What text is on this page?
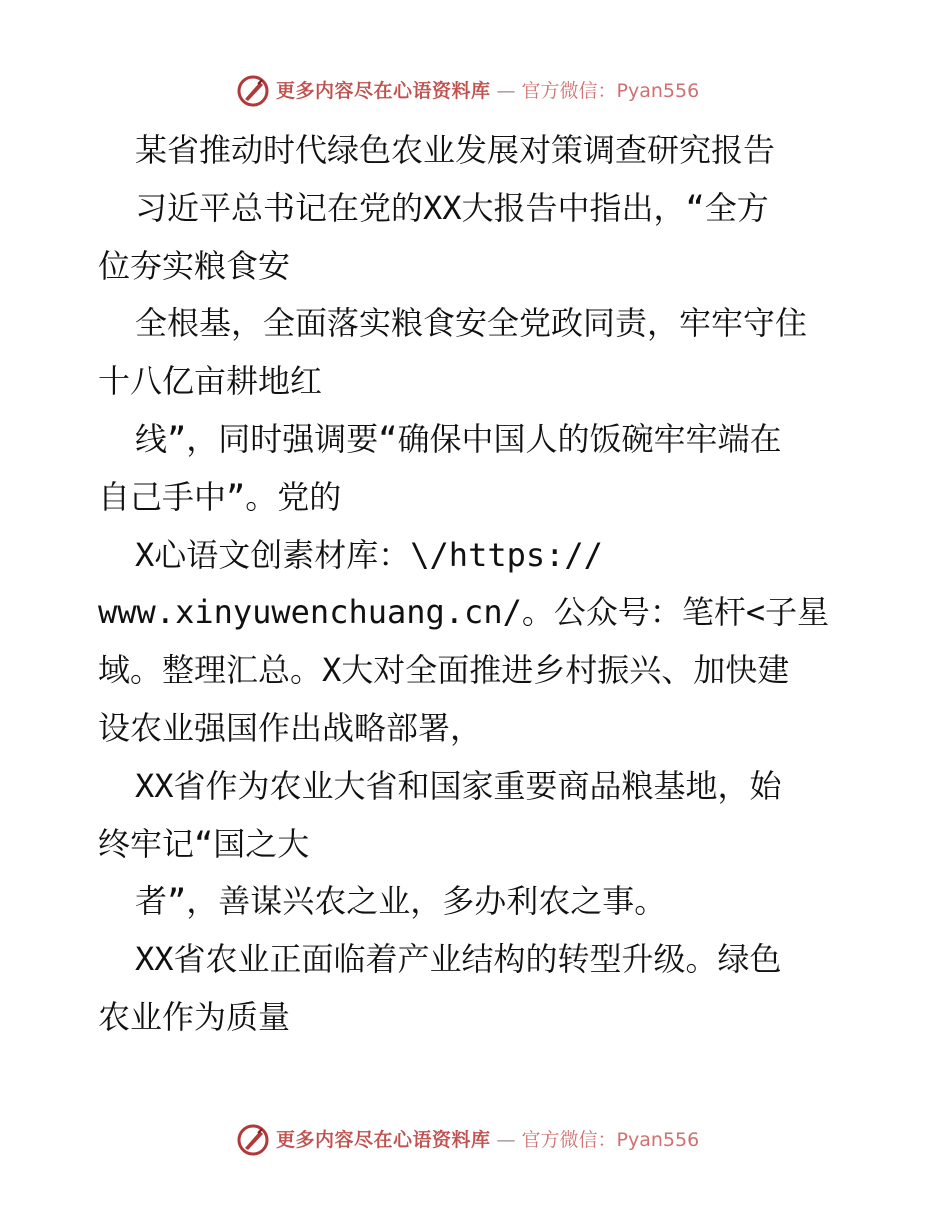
更多内容尽在心语资料库 — 官方微信：Pyan556
某省推动时代绿色农业发展对策调查研究报告
习近平总书记在党的XX大报告中指出，“全方
位夯实粮食安
全根基，全面落实粮食安全党政同责，牢牢守住
十八亿亩耕地红
线”，同时强调要“确保中国人的饭碗牢牢端在
自己手中”。党的
X心语文创素材库：\/https://
www.xinyuwenchuang.cn/。公众号：笔杆<子星
域。整理汇总。X大对全面推进乡村振兴、加快建
设农业强国作出战略部署，
XX省作为农业大省和国家重要商品粮基地，始
终牢记“国之大
者”，善谋兴农之业，多办利农之事。
XX省农业正面临着产业结构的转型升级。绿色
农业作为质量
更多内容尽在心语资料库 — 官方微信：Pyan556
